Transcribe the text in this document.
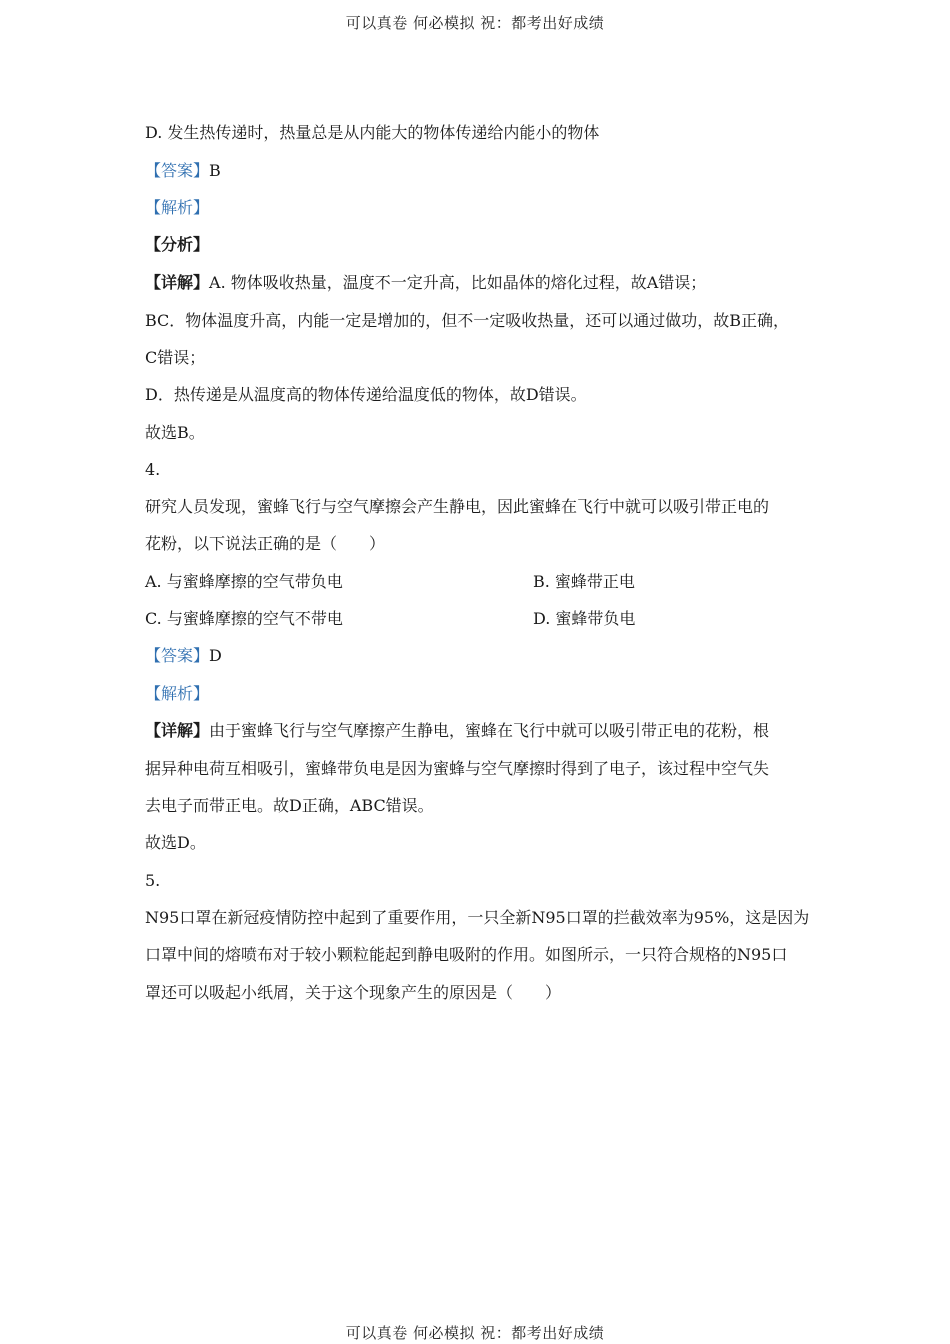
可以真卷 何必模拟 祝：都考出好成绩
D. 发生热传递时，热量总是从内能大的物体传递给内能小的物体
【答案】B
【解析】
【分析】
【详解】A. 物体吸收热量，温度不一定升高，比如晶体的熔化过程，故A错误；
BC．物体温度升高，内能一定是增加的，但不一定吸收热量，还可以通过做功，故B正确，
C错误；
D．热传递是从温度高的物体传递给温度低的物体，故D错误。
故选B。
4.
研究人员发现，蜜蜂飞行与空气摩擦会产生静电，因此蜜蜂在飞行中就可以吸引带正电的
花粉，以下说法正确的是（　　）
A. 与蜜蜂摩擦的空气带负电	B. 蜜蜂带正电
C. 与蜜蜂摩擦的空气不带电	D. 蜜蜂带负电
【答案】D
【解析】
【详解】由于蜜蜂飞行与空气摩擦产生静电，蜜蜂在飞行中就可以吸引带正电的花粉，根
据异种电荷互相吸引，蜜蜂带负电是因为蜜蜂与空气摩擦时得到了电子，该过程中空气失
去电子而带正电。故D正确，ABC错误。
故选D。
5.
N95口罩在新冠疫情防控中起到了重要作用，一只全新N95口罩的拦截效率为95%，这是因为
口罩中间的熔喷布对于较小颗粒能起到静电吸附的作用。如图所示，一只符合规格的N95口
罩还可以吸起小纸屑，关于这个现象产生的原因是（　　）
可以真卷 何必模拟 祝：都考出好成绩
